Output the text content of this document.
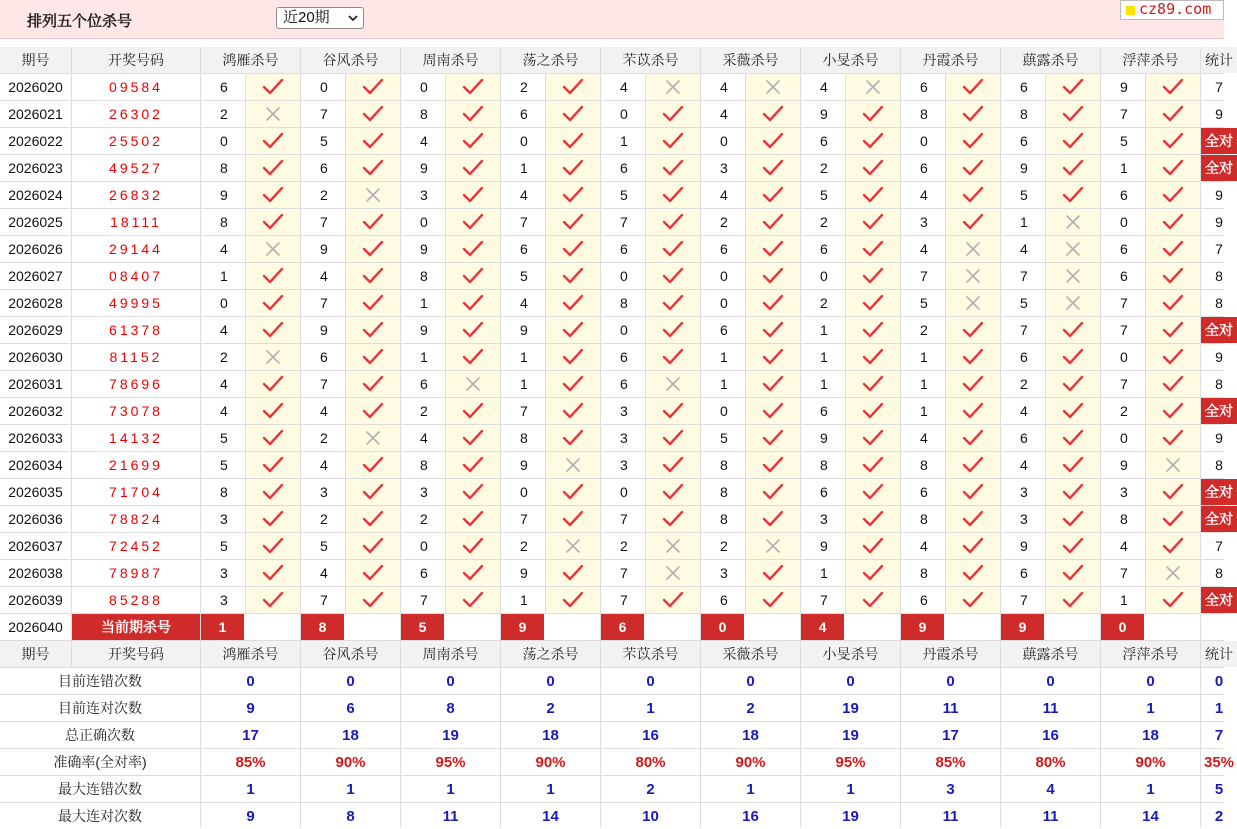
排列五个位杀号	近20期	cz89.com
期号	开奖号码	鸿雁杀号	谷风杀号	周南杀号	荡之杀号	芣苡杀号	采薇杀号	小旻杀号	丹霞杀号	蕻露杀号	浮萍杀号	统计
2026020	09584	6	0	0	2	4	4	4	6	6	9	7
2026021	26302	2	7	8	6	0	4	9	8	8	7	9
2026022	25502	0	5	4	0	1	0	6	0	6	5	全对
2026023	49527	8	6	9	1	6	3	2	6	9	1	全对
2026024	26832	9	2	3	4	5	4	5	4	5	6	9
2026025	18111	8	7	0	7	7	2	2	3	1	0	9
2026026	29144	4	9	9	6	6	6	6	4	4	6	7
2026027	08407	1	4	8	5	0	0	0	7	7	6	8
2026028	49995	0	7	1	4	8	0	2	5	5	7	8
2026029	61378	4	9	9	9	0	6	1	2	7	7	全对
2026030	81152	2	6	1	1	6	1	1	1	6	0	9
2026031	78696	4	7	6	1	6	1	1	1	2	7	8
2026032	73078	4	4	2	7	3	0	6	1	4	2	全对
2026033	14132	5	2	4	8	3	5	9	4	6	0	9
2026034	21699	5	4	8	9	3	8	8	8	4	9	8
2026035	71704	8	3	3	0	0	8	6	6	3	3	全对
2026036	78824	3	2	2	7	7	8	3	8	3	8	全对
2026037	72452	5	5	0	2	2	2	9	4	9	4	7
2026038	78987	3	4	6	9	7	3	1	8	6	7	8
2026039	85288	3	7	7	1	7	6	7	6	7	1	全对
2026040	当前期杀号	1	8	5	9	6	0	4	9	9	0
期号	开奖号码	鸿雁杀号	谷风杀号	周南杀号	荡之杀号	芣苡杀号	采薇杀号	小旻杀号	丹霞杀号	蕻露杀号	浮萍杀号	统计
目前连错次数	0	0	0	0	0	0	0	0	0	0	0
目前连对次数	9	6	8	2	1	2	19	11	11	1	1
总正确次数	17	18	19	18	16	18	19	17	16	18	7
准确率(全对率)	85%	90%	95%	90%	80%	90%	95%	85%	80%	90%	35%
最大连错次数	1	1	1	1	2	1	1	3	4	1	5
最大连对次数	9	8	11	14	10	16	19	11	11	14	2
